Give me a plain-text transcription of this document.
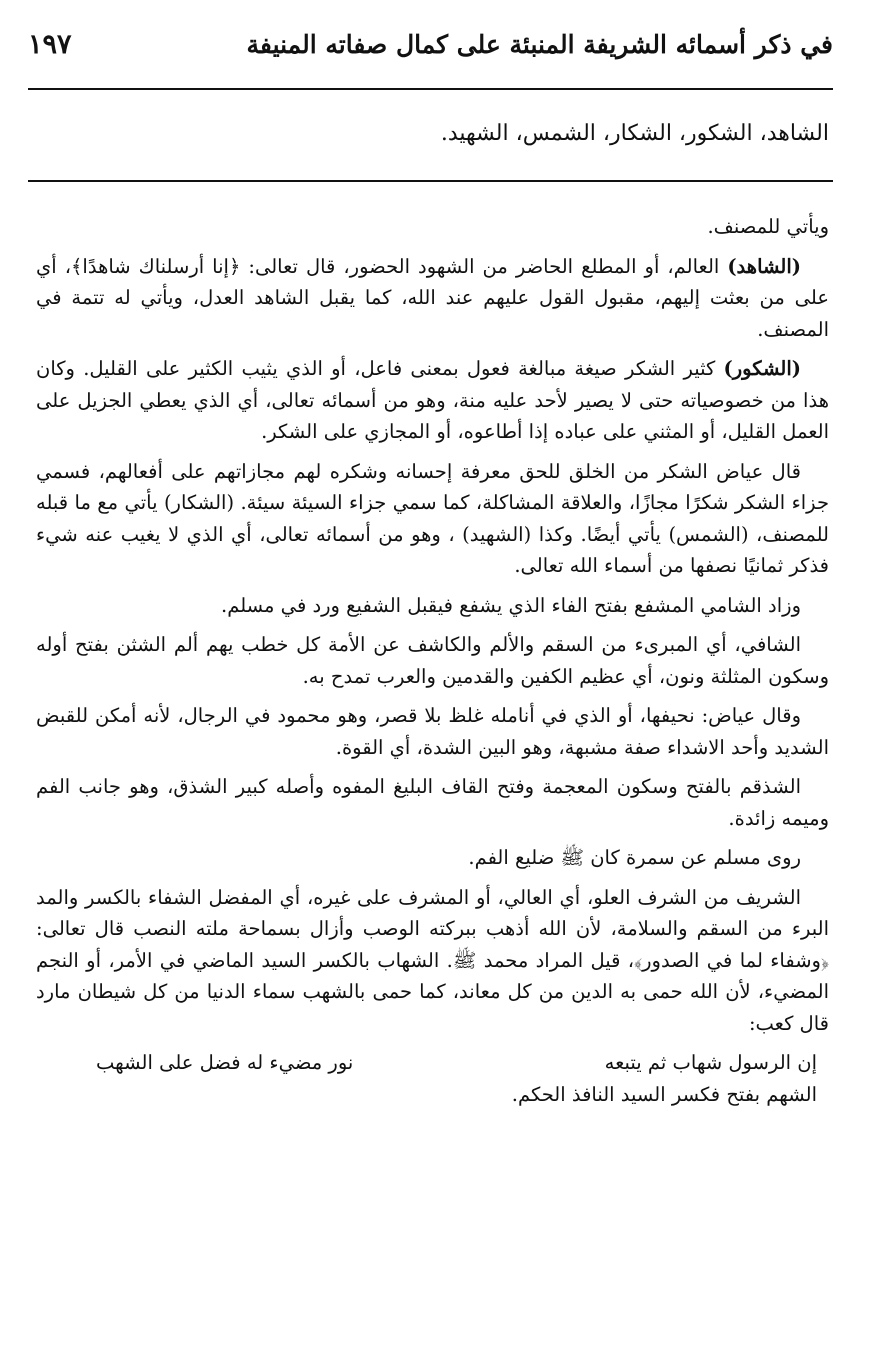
في ذكر أسمائه الشريفة المنبئة على كمال صفاته المنيفة
١٩٧
الشاهد، الشكور، الشكار، الشمس، الشهيد.

ويأتي للمصنف.

(الشاهد) العالم، أو المطلع الحاضر من الشهود الحضور، قال تعالى: ﴿إنا أرسلناك شاهدًا﴾، أي على من بعثت إليهم، مقبول القول عليهم عند الله، كما يقبل الشاهد العدل، ويأتي له تتمة في المصنف.

(الشكور) كثير الشكر صيغة مبالغة فعول بمعنى فاعل، أو الذي يثيب الكثير على القليل. وكان هذا من خصوصياته حتى لا يصير لأحد عليه منة، وهو من أسمائه تعالى، أي الذي يعطي الجزيل على العمل القليل، أو المثني على عباده إذا أطاعوه، أو المجازي على الشكر.

قال عياض الشكر من الخلق للحق معرفة إحسانه وشكره لهم مجازاتهم على أفعالهم، فسمي جزاء الشكر شكرًا مجازًا، والعلاقة المشاكلة، كما سمي جزاء السيئة سيئة. (الشكار) يأتي مع ما قبله للمصنف، (الشمس) يأتي أيضًا. وكذا (الشهيد) ، وهو من أسمائه تعالى، أي الذي لا يغيب عنه شيء فذكر ثمانيًا نصفها من أسماء الله تعالى.

وزاد الشامي المشفع بفتح الفاء الذي يشفع فيقبل الشفيع ورد في مسلم.

الشافي، أي المبرىء من السقم والألم والكاشف عن الأمة كل خطب يهم ألم الشثن بفتح أوله وسكون المثلثة ونون، أي عظيم الكفين والقدمين والعرب تمدح به.

وقال عياض: نحيفها، أو الذي في أنامله غلظ بلا قصر، وهو محمود في الرجال، لأنه أمكن للقبض الشديد وأحد الاشداء صفة مشبهة، وهو البين الشدة، أي القوة.

الشذقم بالفتح وسكون المعجمة وفتح القاف البليغ المفوه وأصله كبير الشذق، وهو جانب الفم وميمه زائدة.

روى مسلم عن سمرة كان ﷺ ضليع الفم.

الشريف من الشرف العلو، أي العالي، أو المشرف على غيره، أي المفضل الشفاء بالكسر والمد البرء من السقم والسلامة، لأن الله أذهب ببركته الوصب وأزال بسماحة ملته النصب قال تعالى: ﴿وشفاء لما في الصدور﴾، قيل المراد محمد ﷺ. الشهاب بالكسر السيد الماضي في الأمر، أو النجم المضيء، لأن الله حمى به الدين من كل معاند، كما حمى بالشهب سماء الدنيا من كل شيطان مارد قال كعب:

إن الرسول شهاب ثم يتبعه
نور مضيء له فضل على الشهب

الشهم بفتح فكسر السيد النافذ الحكم.
